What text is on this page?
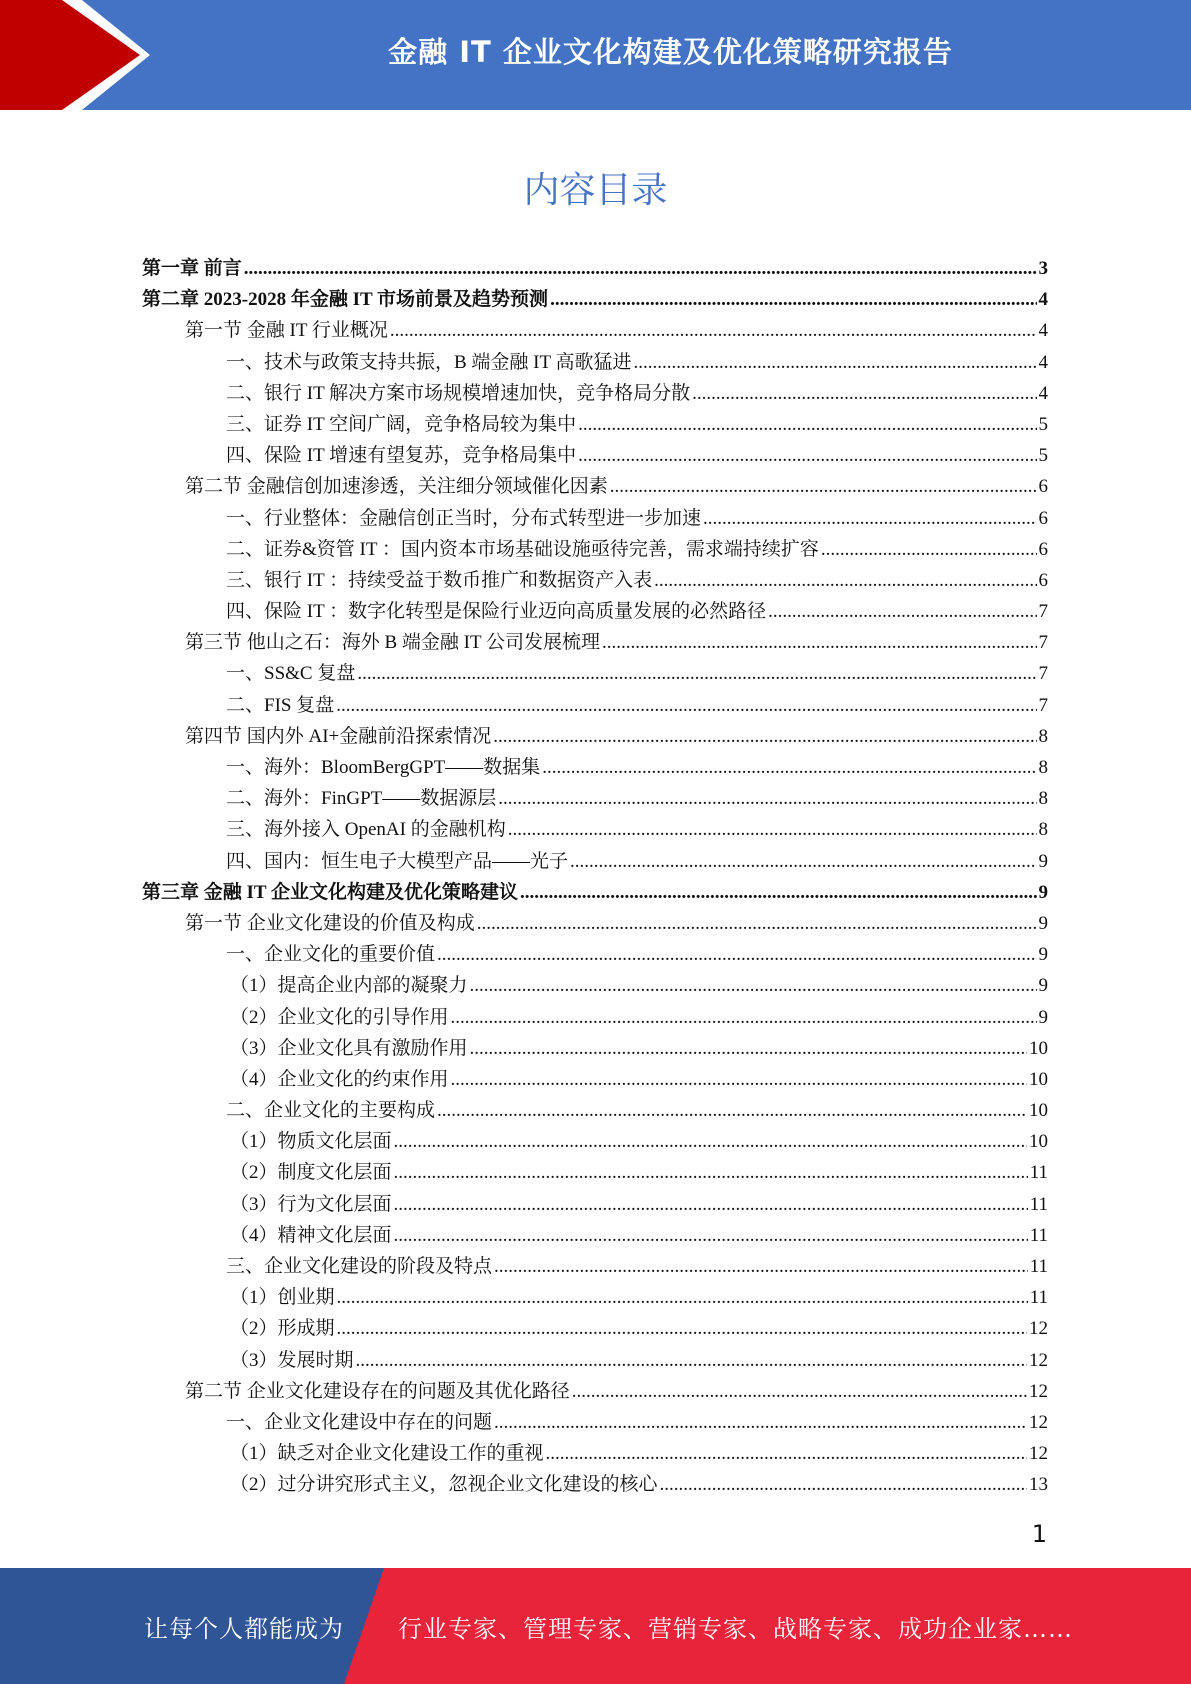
金融 IT 企业文化构建及优化策略研究报告
内容目录
第一章 前言 .....	3
第二章 2023-2028 年金融 IT 市场前景及趋势预测 .....	4
第一节 金融 IT 行业概况 .....	4
一、技术与政策支持共振，B 端金融 IT 高歌猛进 .....	4
二、银行 IT 解决方案市场规模增速加快，竞争格局分散 .....	4
三、证券 IT 空间广阔，竞争格局较为集中 .....	5
四、保险 IT 增速有望复苏，竞争格局集中 .....	5
第二节 金融信创加速渗透，关注细分领域催化因素 .....	6
一、行业整体：金融信创正当时，分布式转型进一步加速 .....	6
二、证券&资管 IT ：国内资本市场基础设施亟待完善，需求端持续扩容 .....	6
三、银行 IT ：持续受益于数币推广和数据资产入表 .....	6
四、保险 IT ：数字化转型是保险行业迈向高质量发展的必然路径 .....	7
第三节 他山之石：海外 B 端金融 IT 公司发展梳理 .....	7
一、SS&C 复盘 .....	7
二、FIS 复盘 .....	7
第四节 国内外 AI+金融前沿探索情况 .....	8
一、海外：BloomBergGPT——数据集 .....	8
二、海外：FinGPT——数据源层 .....	8
三、海外接入 OpenAI 的金融机构 .....	8
四、国内：恒生电子大模型产品——光子 .....	9
第三章 金融 IT 企业文化构建及优化策略建议 .....	9
第一节 企业文化建设的价值及构成 .....	9
一、企业文化的重要价值 .....	9
（1）提高企业内部的凝聚力 .....	9
（2）企业文化的引导作用 .....	9
（3）企业文化具有激励作用 .....	10
（4）企业文化的约束作用 .....	10
二、企业文化的主要构成 .....	10
（1）物质文化层面 .....	10
（2）制度文化层面 .....	11
（3）行为文化层面 .....	11
（4）精神文化层面 .....	11
三、企业文化建设的阶段及特点 .....	11
（1）创业期 .....	11
（2）形成期 .....	12
（3）发展时期 .....	12
第二节 企业文化建设存在的问题及其优化路径 .....	12
一、企业文化建设中存在的问题 .....	12
（1）缺乏对企业文化建设工作的重视 .....	12
（2）过分讲究形式主义，忽视企业文化建设的核心 .....	13
1
让每个人都能成为 行业专家、管理专家、营销专家、战略专家、成功企业家……
